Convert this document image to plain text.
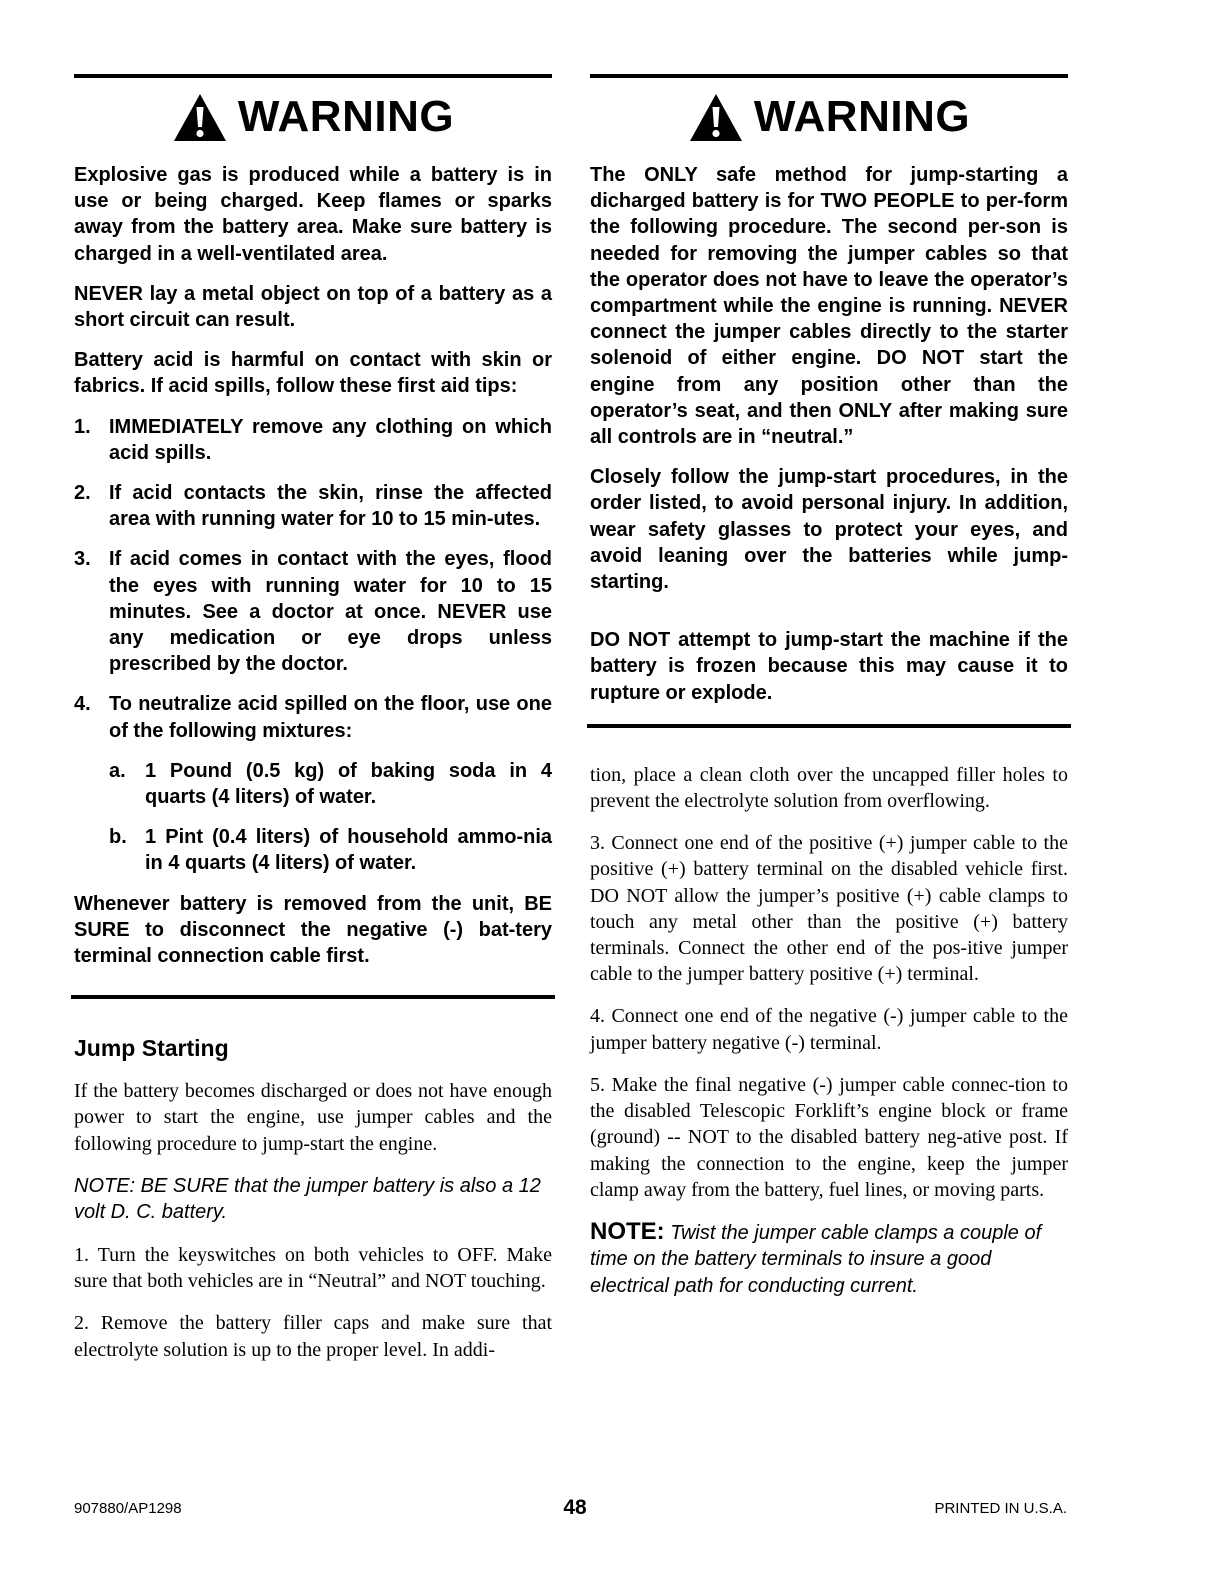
WARNING

Explosive gas is produced while a battery is in use or being charged. Keep flames or sparks away from the battery area. Make sure battery is charged in a well-ventilated area.

NEVER lay a metal object on top of a battery as a short circuit can result.

Battery acid is harmful on contact with skin or fabrics. If acid spills, follow these first aid tips:

1. IMMEDIATELY remove any clothing on which acid spills.
2. If acid contacts the skin, rinse the affected area with running water for 10 to 15 min-utes.
3. If acid comes in contact with the eyes, flood the eyes with running water for 10 to 15 minutes. See a doctor at once. NEVER use any medication or eye drops unless prescribed by the doctor.
4. To neutralize acid spilled on the floor, use one of the following mixtures:
a. 1 Pound (0.5 kg) of baking soda in 4 quarts (4 liters) of water.
b. 1 Pint (0.4 liters) of household ammo-nia in 4 quarts (4 liters) of water.

Whenever battery is removed from the unit, BE SURE to disconnect the negative (-) bat-tery terminal connection cable first.

Jump Starting

If the battery becomes discharged or does not have enough power to start the engine, use jumper cables and the following procedure to jump-start the engine.

NOTE: BE SURE that the jumper battery is also a 12 volt D. C. battery.

1. Turn the keyswitches on both vehicles to OFF. Make sure that both vehicles are in “Neutral” and NOT touching.

2. Remove the battery filler caps and make sure that electrolyte solution is up to the proper level. In addi-

WARNING

The ONLY safe method for jump-starting a dicharged battery is for TWO PEOPLE to per-form the following procedure. The second per-son is needed for removing the jumper cables so that the operator does not have to leave the operator’s compartment while the engine is running. NEVER connect the jumper cables directly to the starter solenoid of either engine. DO NOT start the engine from any position other than the operator’s seat, and then ONLY after making sure all controls are in “neutral.”

Closely follow the jump-start procedures, in the order listed, to avoid personal injury. In addition, wear safety glasses to protect your eyes, and avoid leaning over the batteries while jump-starting.

DO NOT attempt to jump-start the machine if the battery is frozen because this may cause it to rupture or explode.

tion, place a clean cloth over the uncapped filler holes to prevent the electrolyte solution from overflowing.

3. Connect one end of the positive (+) jumper cable to the positive (+) battery terminal on the disabled vehicle first. DO NOT allow the jumper’s positive (+) cable clamps to touch any metal other than the positive (+) battery terminals. Connect the other end of the pos-itive jumper cable to the jumper battery positive (+) terminal.

4. Connect one end of the negative (-) jumper cable to the jumper battery negative (-) terminal.

5. Make the final negative (-) jumper cable connec-tion to the disabled Telescopic Forklift’s engine block or frame (ground) -- NOT to the disabled battery neg-ative post. If making the connection to the engine, keep the jumper clamp away from the battery, fuel lines, or moving parts.

NOTE: Twist the jumper cable clamps a couple of time on the battery terminals to insure a good electrical path for conducting current.

907880/AP1298	48	PRINTED IN U.S.A.
